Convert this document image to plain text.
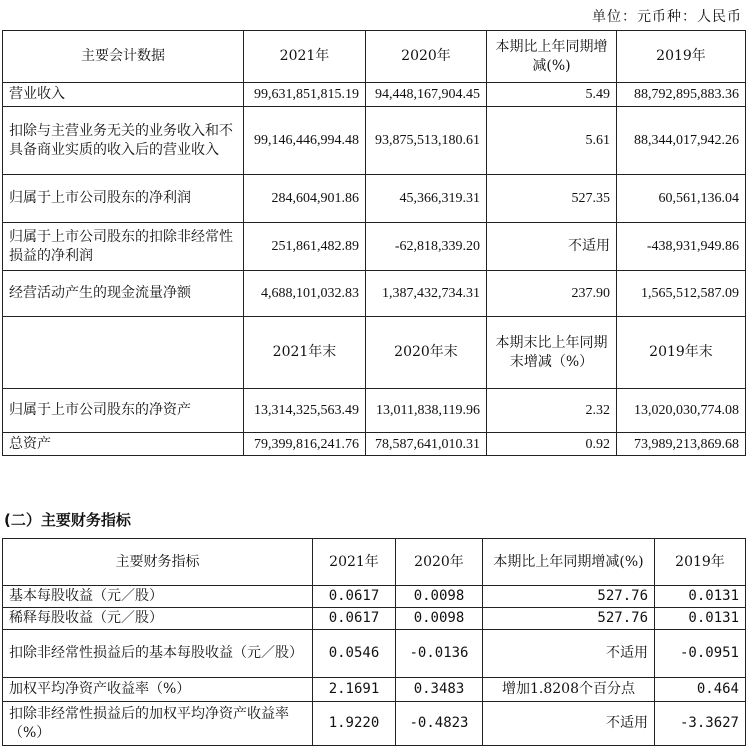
单位：元币种：人民币
主要会计数据	2021年	2020年	本期比上年同期增减(%)	2019年
营业收入	99,631,851,815.19	94,448,167,904.45	5.49	88,792,895,883.36
扣除与主营业务无关的业务收入和不具备商业实质的收入后的营业收入	99,146,446,994.48	93,875,513,180.61	5.61	88,344,017,942.26
归属于上市公司股东的净利润	284,604,901.86	45,366,319.31	527.35	60,561,136.04
归属于上市公司股东的扣除非经常性损益的净利润	251,861,482.89	-62,818,339.20	不适用	-438,931,949.86
经营活动产生的现金流量净额	4,688,101,032.83	1,387,432,734.31	237.90	1,565,512,587.09
	2021年末	2020年末	本期末比上年同期末增减（%）	2019年末
归属于上市公司股东的净资产	13,314,325,563.49	13,011,838,119.96	2.32	13,020,030,774.08
总资产	79,399,816,241.76	78,587,641,010.31	0.92	73,989,213,869.68
(二）主要财务指标
主要财务指标	2021年	2020年	本期比上年同期增减(%)	2019年
基本每股收益（元／股）	0.0617	0.0098	527.76	0.0131
稀释每股收益（元／股）	0.0617	0.0098	527.76	0.0131
扣除非经常性损益后的基本每股收益（元／股）	0.0546	-0.0136	不适用	-0.0951
加权平均净资产收益率（%）	2.1691	0.3483	增加1.8208个百分点	0.464
扣除非经常性损益后的加权平均净资产收益率（%）	1.9220	-0.4823	不适用	-3.3627
